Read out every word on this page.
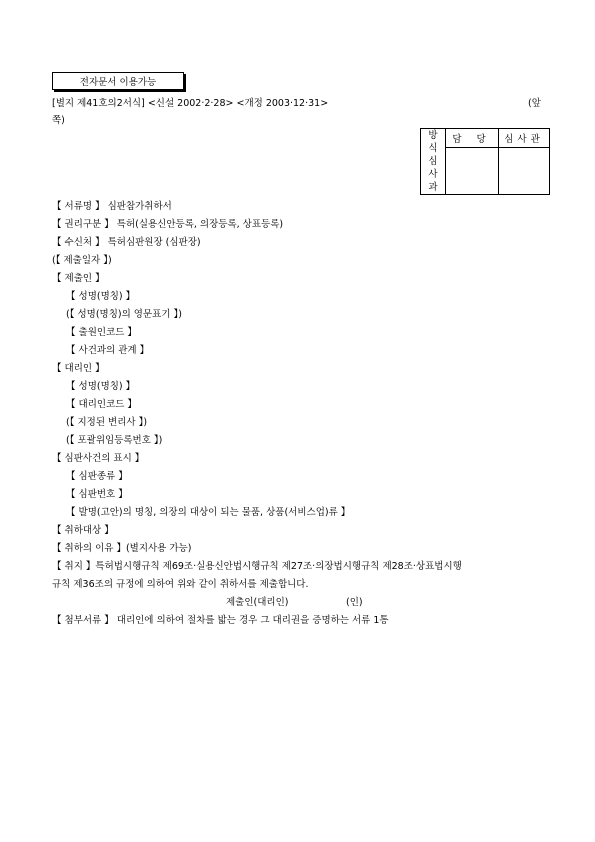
전자문서 이용가능
[별지 제41호의2서식] <신설 2002·2·28> <개정 2003·12·31>	(앞
쪽)
방
식
심
사
과	담 당	심사관

【 서류명 】 심판참가취하서
【 권리구분 】 특허(실용신안등록, 의장등록, 상표등록)
【 수신처 】 특허심판원장 (심판장)
(【 제출일자 】)
【 제출인 】
【 성명(명칭) 】
(【 성명(명칭)의 영문표기 】)
【 출원인코드 】
【 사건과의 관계 】
【 대리인 】
【 성명(명칭) 】
【 대리인코드 】
(【 지정된 변리사 】)
(【 포괄위임등록번호 】)
【 심판사건의 표시 】
【 심판종류 】
【 심판번호 】
【 발명(고안)의 명칭, 의장의 대상이 되는 물품, 상품(서비스업)류 】
【 취하대상 】
【 취하의 이유 】(별지사용 가능)
【 취지 】특허법시행규칙 제69조·실용신안법시행규칙 제27조·의장법시행규칙 제28조·상표법시행
규칙 제36조의 규정에 의하여 위와 같이 취하서를 제출합니다.
제출인(대리인)	(인)
【 첨부서류 】 대리인에 의하여 절차를 밟는 경우 그 대리권을 증명하는 서류 1통
